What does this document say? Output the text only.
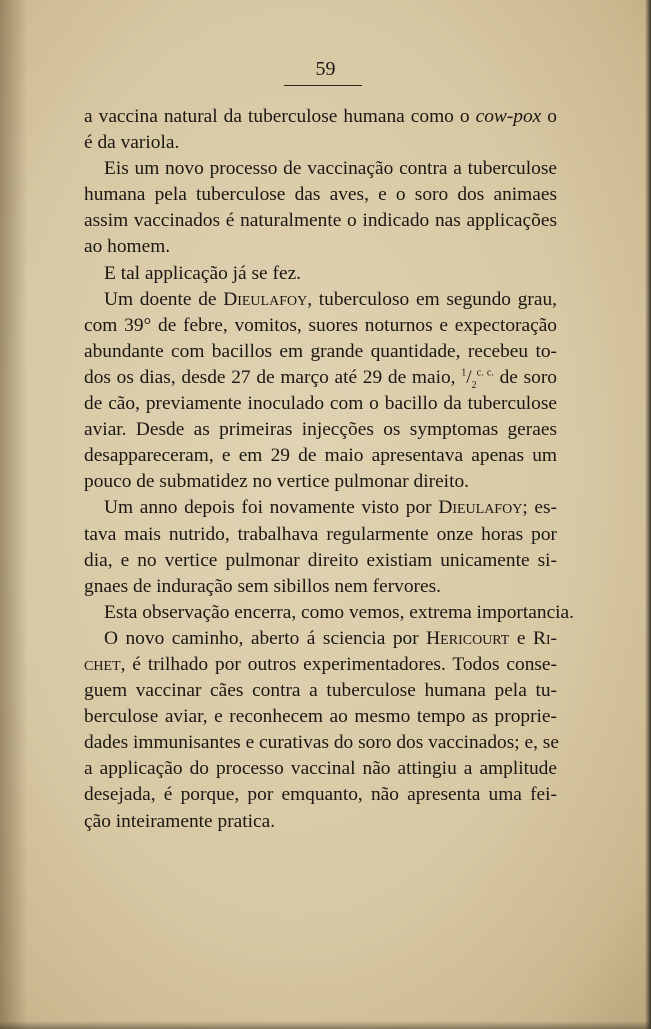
59
a vaccina natural da tuberculose humana como o cow-pox o
é da variola.
Eis um novo processo de vaccinação contra a tuberculose
humana pela tuberculose das aves, e o soro dos animaes
assim vaccinados é naturalmente o indicado nas applicações
ao homem.
E tal applicação já se fez.
Um doente de Dieulafoy, tuberculoso em segundo grau,
com 39° de febre, vomitos, suores noturnos e expectoração
abundante com bacillos em grande quantidade, recebeu to-
dos os dias, desde 27 de março até 29 de maio, $^1/_2^{c. c.}$ de soro
de cão, previamente inoculado com o bacillo da tuberculose
aviar. Desde as primeiras injecções os symptomas geraes
desappareceram, e em 29 de maio apresentava apenas um
pouco de submatidez no vertice pulmonar direito.
Um anno depois foi novamente visto por Dieulafoy; es-
tava mais nutrido, trabalhava regularmente onze horas por
dia, e no vertice pulmonar direito existiam unicamente si-
gnaes de induração sem sibillos nem fervores.
Esta observação encerra, como vemos, extrema importancia.
O novo caminho, aberto á sciencia por Hericourt e Ri-
chet, é trilhado por outros experimentadores. Todos conse-
guem vaccinar cães contra a tuberculose humana pela tu-
berculose aviar, e reconhecem ao mesmo tempo as proprie-
dades immunisantes e curativas do soro dos vaccinados; e, se
a applicação do processo vaccinal não attingiu a amplitude
desejada, é porque, por emquanto, não apresenta uma fei-
ção inteiramente pratica.
